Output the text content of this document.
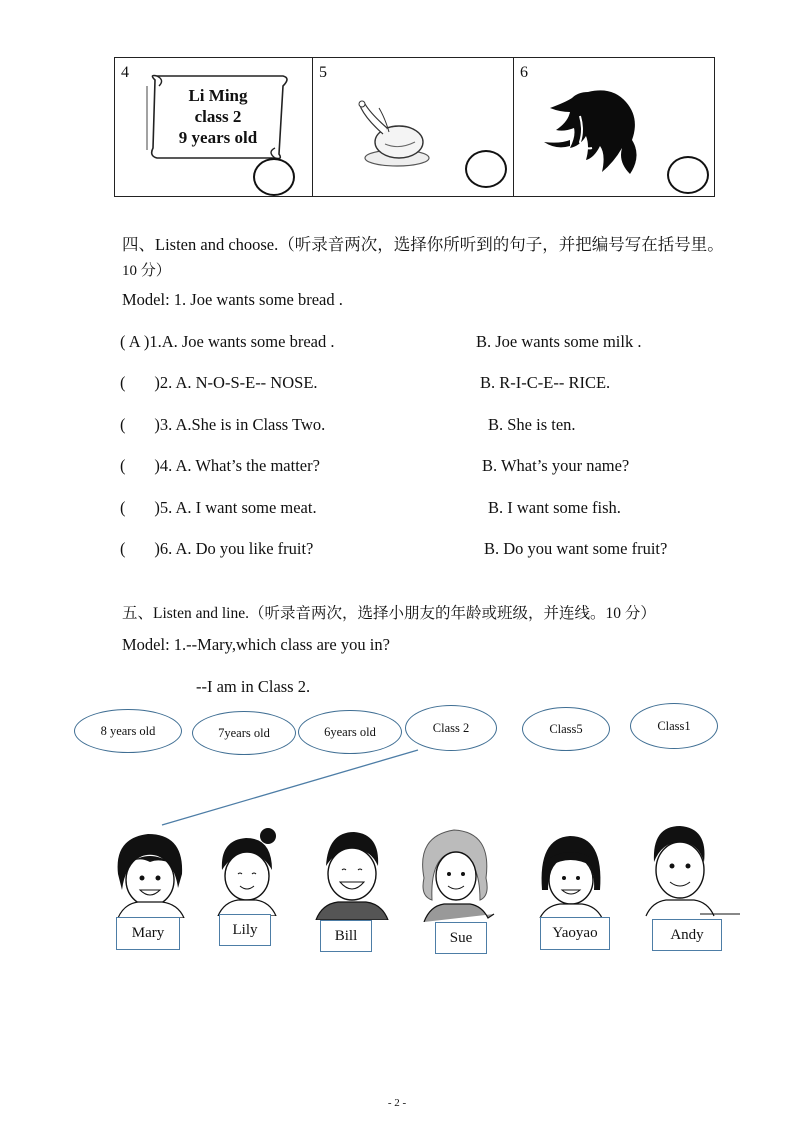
4
Li Ming
class 2
9 years old
5	6
四、Listen and choose.（听录音两次，选择你所听到的句子，并把编号写在括号里。
10 分）
Model: 1. Joe wants some bread .
( A )1.A. Joe wants some bread .	B. Joe wants some milk .
(       )2. A. N-O-S-E-- NOSE.	B. R-I-C-E-- RICE.
(       )3. A.She is in Class Two.	B. She is ten.
(       )4. A. What’s the matter?	B. What’s your name?
(       )5. A. I want some meat.	B. I want some fish.
(       )6. A. Do you like fruit?	B. Do you want some fruit?
五、Listen and line.（听录音两次，选择小朋友的年龄或班级，并连线。10 分）
Model: 1.--Mary,which class are you in?
--I am in Class 2.
8 years old	7years old	6years old	Class 2	Class5	Class1
Mary	Lily	Bill	Sue	Yaoyao	Andy
- 2 -
